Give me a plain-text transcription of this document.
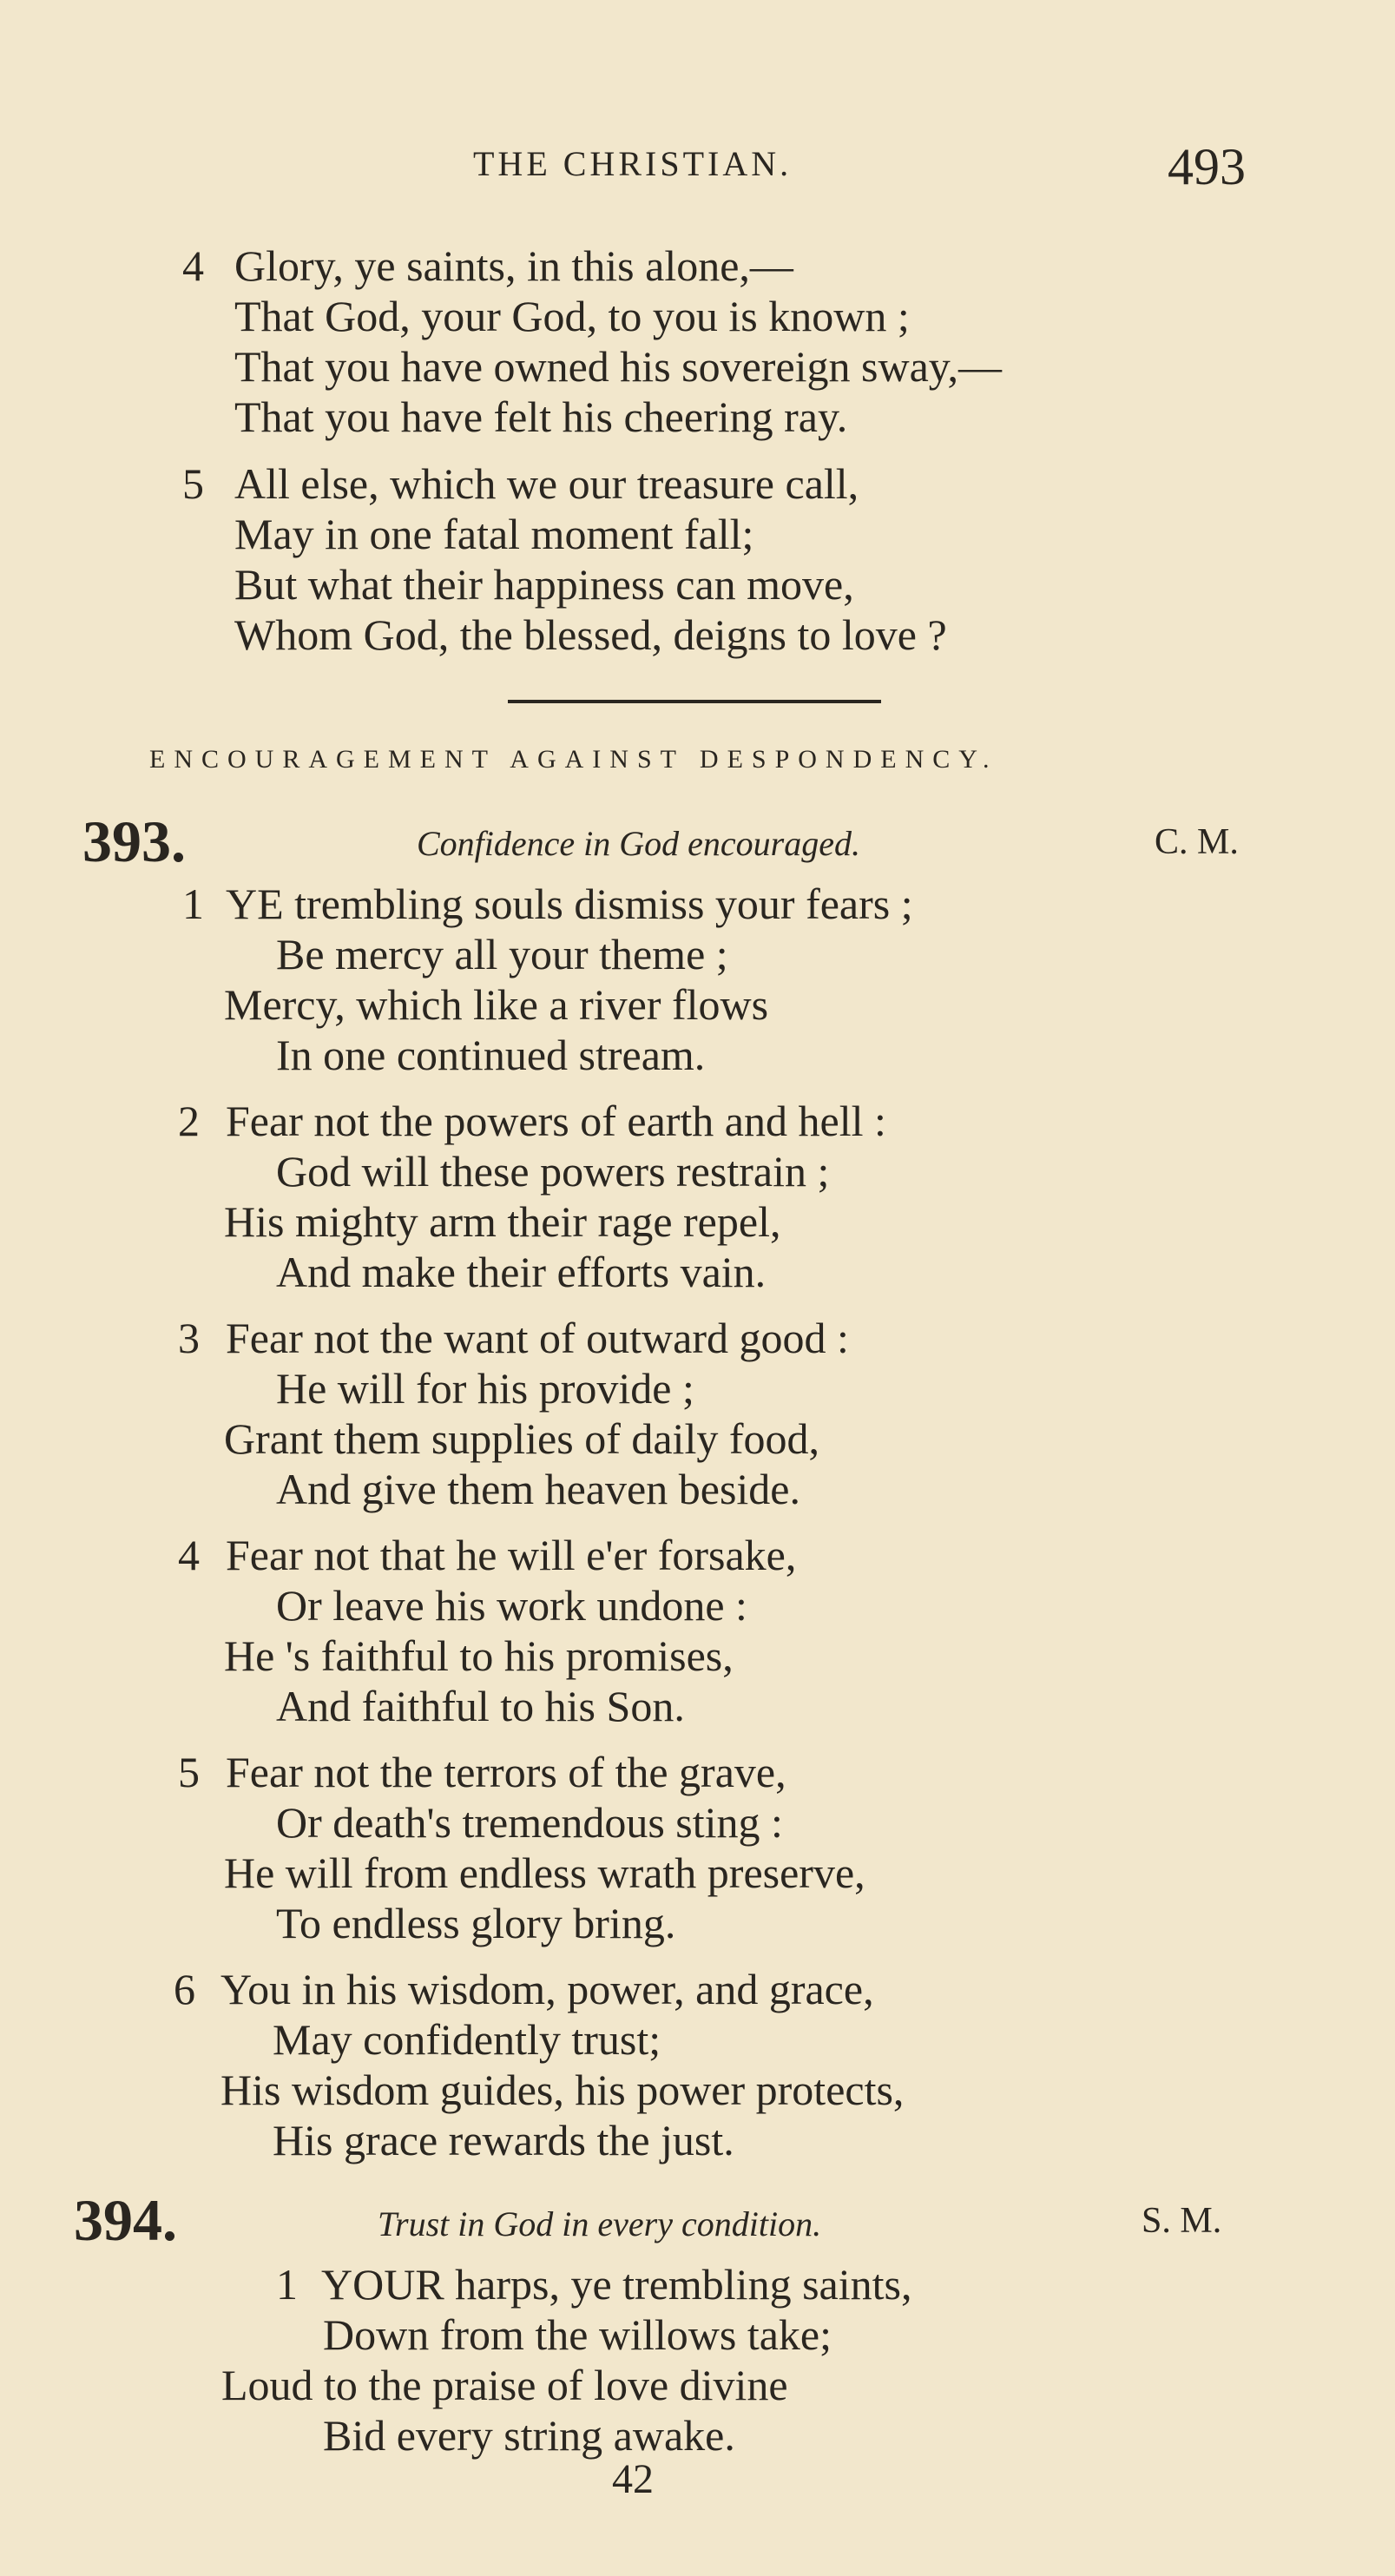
THE CHRISTIAN.	493
4 Glory, ye saints, in this alone,—
That God, your God, to you is known ;
That you have owned his sovereign sway,—
That you have felt his cheering ray.
5 All else, which we our treasure call,
May in one fatal moment fall;
But what their happiness can move,
Whom God, the blessed, deigns to love ?
ENCOURAGEMENT AGAINST DESPONDENCY.
393.	Confidence in God encouraged.	C. M.
1 YE trembling souls dismiss your fears ;
Be mercy all your theme ;
Mercy, which like a river flows
In one continued stream.
2 Fear not the powers of earth and hell :
God will these powers restrain ;
His mighty arm their rage repel,
And make their efforts vain.
3 Fear not the want of outward good :
He will for his provide ;
Grant them supplies of daily food,
And give them heaven beside.
4 Fear not that he will e'er forsake,
Or leave his work undone :
He 's faithful to his promises,
And faithful to his Son.
5 Fear not the terrors of the grave,
Or death's tremendous sting :
He will from endless wrath preserve,
To endless glory bring.
6 You in his wisdom, power, and grace,
May confidently trust;
His wisdom guides, his power protects,
His grace rewards the just.
394.	Trust in God in every condition.	S. M.
1 YOUR harps, ye trembling saints,
Down from the willows take;
Loud to the praise of love divine
Bid every string awake.
42
